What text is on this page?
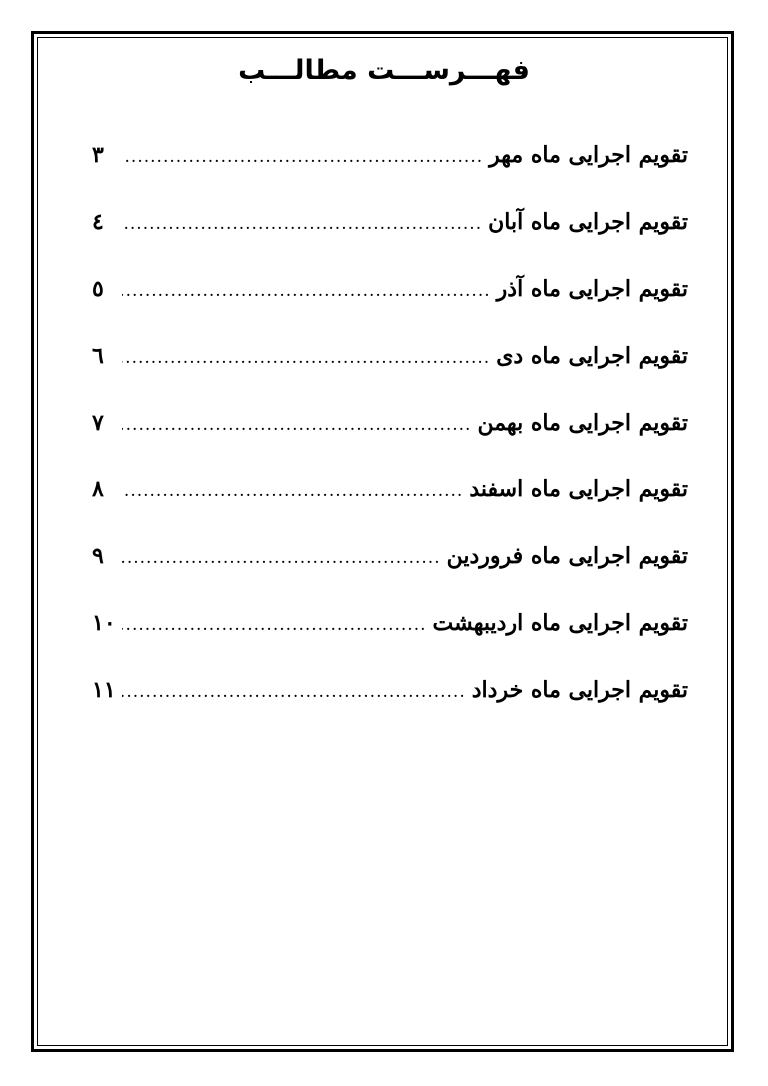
فهـــرســـت مطالـــب
تقویم اجرایی ماه مهر
.....
۳
تقویم اجرایی ماه آبان
.....
٤
تقویم اجرایی ماه آذر
.....
٥
تقویم اجرایی ماه دی
.....
٦
تقویم اجرایی ماه بهمن
.....
۷
تقویم اجرایی ماه اسفند
.....
۸
تقویم اجرایی ماه فروردین
.....
۹
تقویم اجرایی ماه اردیبهشت
.....
۱۰
تقویم اجرایی ماه خرداد
.....
۱۱
